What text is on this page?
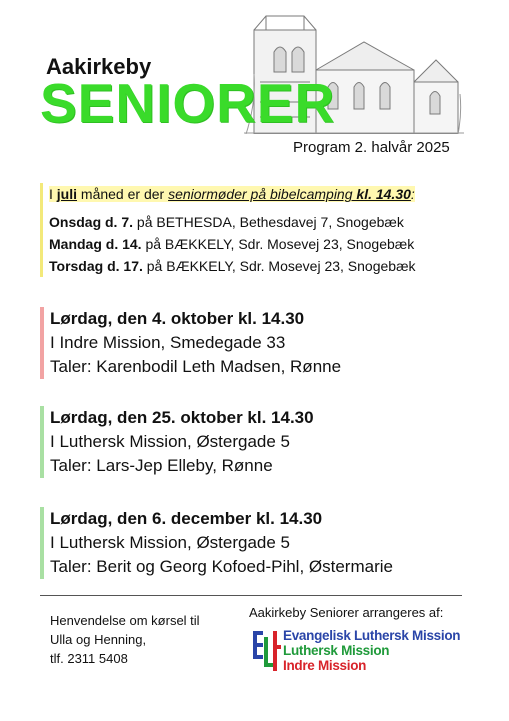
Aakirkeby
SENIORER
Program 2. halvår 2025
I juli måned er der seniormøder på bibelcamping kl. 14.30:
Onsdag d. 7. på BETHESDA, Bethesdavej 7, Snogebæk
Mandag d. 14. på BÆKKELY, Sdr. Mosevej 23, Snogebæk
Torsdag d. 17. på BÆKKELY, Sdr. Mosevej 23, Snogebæk
Lørdag, den 4. oktober kl. 14.30
I Indre Mission, Smedegade 33
Taler: Karenbodil Leth Madsen, Rønne
Lørdag, den 25. oktober kl. 14.30
I Luthersk Mission, Østergade 5
Taler: Lars-Jep Elleby, Rønne
Lørdag, den 6. december kl. 14.30
I Luthersk Mission, Østergade 5
Taler: Berit og Georg Kofoed-Pihl, Østermarie
Henvendelse om kørsel til
Ulla og Henning,
tlf. 2311 5408
Aakirkeby Seniorer arrangeres af:
Evangelisk Luthersk Mission
Luthersk Mission
Indre Mission
